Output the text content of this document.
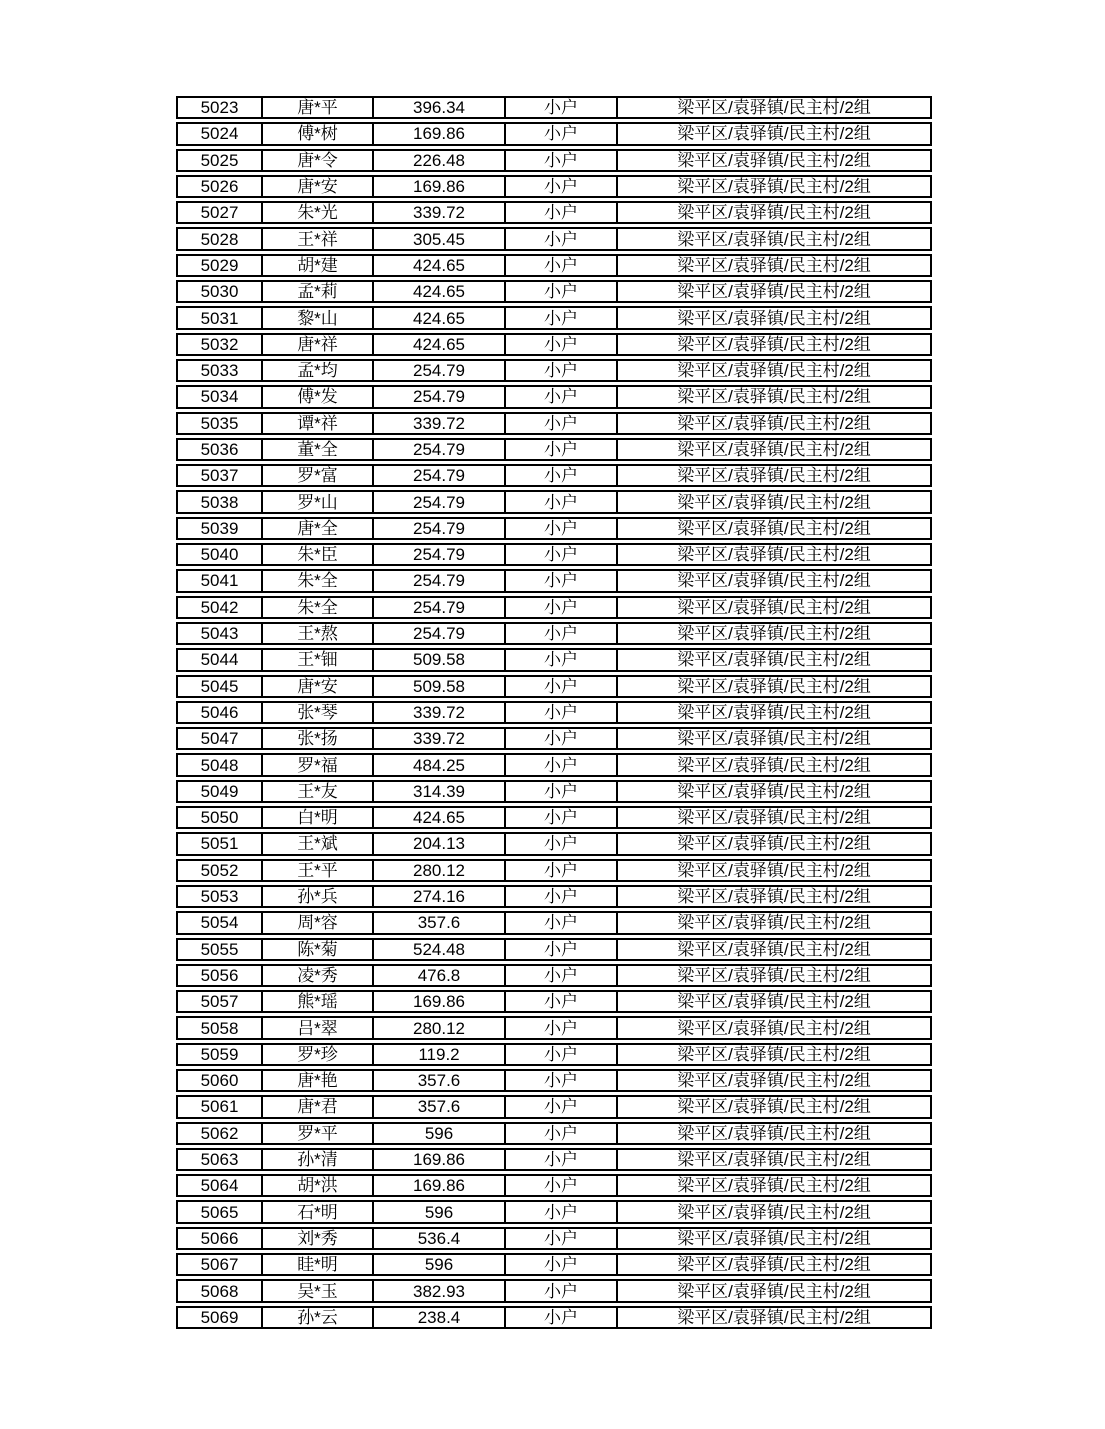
5023	唐*平	396.34	小户	梁平区/袁驿镇/民主村/2组
5024	傅*树	169.86	小户	梁平区/袁驿镇/民主村/2组
5025	唐*令	226.48	小户	梁平区/袁驿镇/民主村/2组
5026	唐*安	169.86	小户	梁平区/袁驿镇/民主村/2组
5027	朱*光	339.72	小户	梁平区/袁驿镇/民主村/2组
5028	王*祥	305.45	小户	梁平区/袁驿镇/民主村/2组
5029	胡*建	424.65	小户	梁平区/袁驿镇/民主村/2组
5030	孟*莉	424.65	小户	梁平区/袁驿镇/民主村/2组
5031	黎*山	424.65	小户	梁平区/袁驿镇/民主村/2组
5032	唐*祥	424.65	小户	梁平区/袁驿镇/民主村/2组
5033	孟*均	254.79	小户	梁平区/袁驿镇/民主村/2组
5034	傅*发	254.79	小户	梁平区/袁驿镇/民主村/2组
5035	谭*祥	339.72	小户	梁平区/袁驿镇/民主村/2组
5036	董*全	254.79	小户	梁平区/袁驿镇/民主村/2组
5037	罗*富	254.79	小户	梁平区/袁驿镇/民主村/2组
5038	罗*山	254.79	小户	梁平区/袁驿镇/民主村/2组
5039	唐*全	254.79	小户	梁平区/袁驿镇/民主村/2组
5040	朱*臣	254.79	小户	梁平区/袁驿镇/民主村/2组
5041	朱*全	254.79	小户	梁平区/袁驿镇/民主村/2组
5042	朱*全	254.79	小户	梁平区/袁驿镇/民主村/2组
5043	王*熬	254.79	小户	梁平区/袁驿镇/民主村/2组
5044	王*钿	509.58	小户	梁平区/袁驿镇/民主村/2组
5045	唐*安	509.58	小户	梁平区/袁驿镇/民主村/2组
5046	张*琴	339.72	小户	梁平区/袁驿镇/民主村/2组
5047	张*扬	339.72	小户	梁平区/袁驿镇/民主村/2组
5048	罗*福	484.25	小户	梁平区/袁驿镇/民主村/2组
5049	王*友	314.39	小户	梁平区/袁驿镇/民主村/2组
5050	白*明	424.65	小户	梁平区/袁驿镇/民主村/2组
5051	王*斌	204.13	小户	梁平区/袁驿镇/民主村/2组
5052	王*平	280.12	小户	梁平区/袁驿镇/民主村/2组
5053	孙*兵	274.16	小户	梁平区/袁驿镇/民主村/2组
5054	周*容	357.6	小户	梁平区/袁驿镇/民主村/2组
5055	陈*菊	524.48	小户	梁平区/袁驿镇/民主村/2组
5056	凌*秀	476.8	小户	梁平区/袁驿镇/民主村/2组
5057	熊*瑶	169.86	小户	梁平区/袁驿镇/民主村/2组
5058	吕*翠	280.12	小户	梁平区/袁驿镇/民主村/2组
5059	罗*珍	119.2	小户	梁平区/袁驿镇/民主村/2组
5060	唐*艳	357.6	小户	梁平区/袁驿镇/民主村/2组
5061	唐*君	357.6	小户	梁平区/袁驿镇/民主村/2组
5062	罗*平	596	小户	梁平区/袁驿镇/民主村/2组
5063	孙*清	169.86	小户	梁平区/袁驿镇/民主村/2组
5064	胡*洪	169.86	小户	梁平区/袁驿镇/民主村/2组
5065	石*明	596	小户	梁平区/袁驿镇/民主村/2组
5066	刘*秀	536.4	小户	梁平区/袁驿镇/民主村/2组
5067	眭*明	596	小户	梁平区/袁驿镇/民主村/2组
5068	吴*玉	382.93	小户	梁平区/袁驿镇/民主村/2组
5069	孙*云	238.4	小户	梁平区/袁驿镇/民主村/2组
